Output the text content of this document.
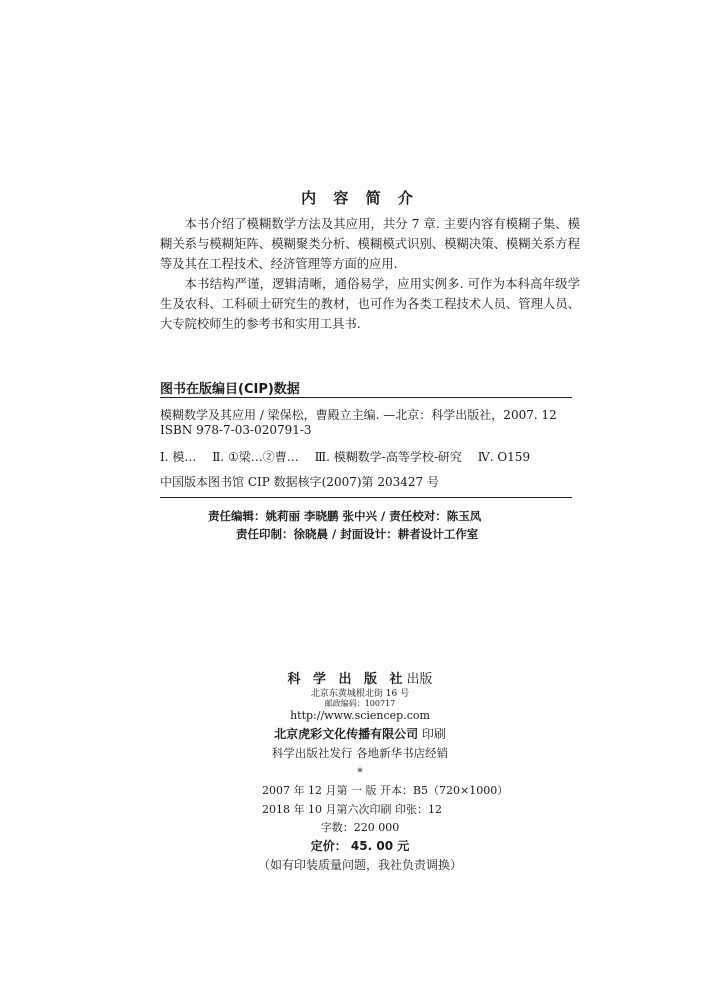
内 容 简 介

本书介绍了模糊数学方法及其应用，共分 7 章. 主要内容有模糊子集、模糊关系与模糊矩阵、模糊聚类分析、模糊模式识别、模糊决策、模糊关系方程等及其在工程技术、经济管理等方面的应用.

本书结构严谨，逻辑清晰，通俗易学，应用实例多. 可作为本科高年级学生及农科、工科硕士研究生的教材，也可作为各类工程技术人员、管理人员、大专院校师生的参考书和实用工具书.

图书在版编目(CIP)数据
模糊数学及其应用 / 梁保松，曹殿立主编. —北京：科学出版社，2007. 12
ISBN 978-7-03-020791-3
Ⅰ. 模… Ⅱ. ①梁…②曹… Ⅲ. 模糊数学-高等学校-研究 Ⅳ. O159
中国版本图书馆 CIP 数据核字(2007)第 203427 号
责任编辑：姚莉丽 李晓鹏 张中兴 / 责任校对：陈玉凤
责任印制：徐晓晨 / 封面设计：耕者设计工作室
科 学 出 版 社出版
北京东黄城根北街 16 号
邮政编码：100717
http://www.sciencep.com
北京虎彩文化传播有限公司 印刷
科学出版社发行 各地新华书店经销
*
2007 年 12 月第 一 版 开本：B5（720×1000）
2018 年 10 月第六次印刷 印张：12
字数：220 000
定价： 45. 00 元
（如有印装质量问题，我社负责调换）
